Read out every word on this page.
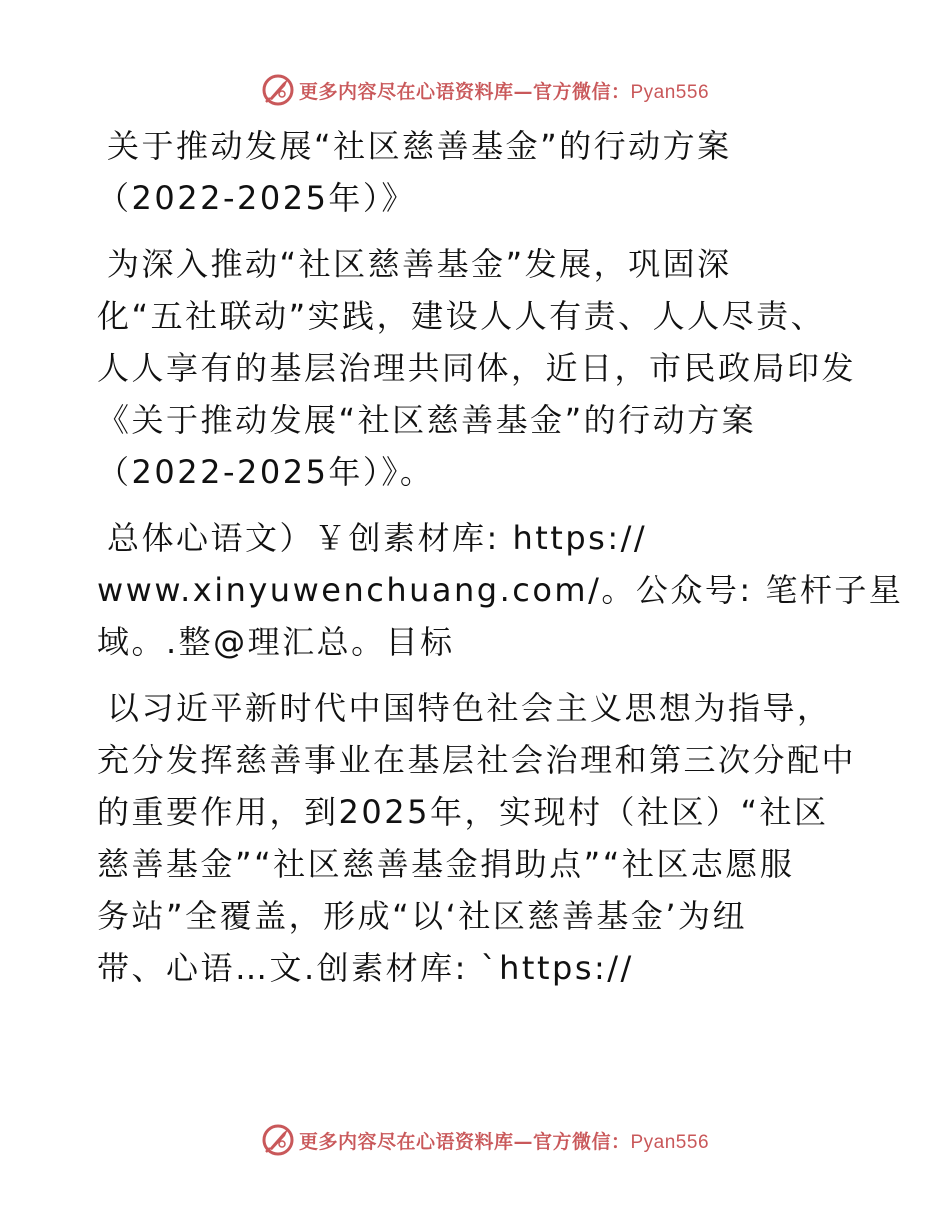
更多内容尽在心语资料库—官方微信：Pyan556
关于推动发展“社区慈善基金”的行动方案
（2022-2025年）》
为深入推动“社区慈善基金”发展，巩固深
化“五社联动”实践，建设人人有责、人人尽责、
人人享有的基层治理共同体，近日，市民政局印发
《关于推动发展“社区慈善基金”的行动方案
（2022-2025年）》。
总体心语文）￥创素材库: https://
www.xinyuwenchuang.com/。公众号: 笔杆子星
域。.整@理汇总。目标
以习近平新时代中国特色社会主义思想为指导，
充分发挥慈善事业在基层社会治理和第三次分配中
的重要作用，到2025年，实现村（社区）“社区
慈善基金”“社区慈善基金捐助点”“社区志愿服
务站”全覆盖，形成“以‘社区慈善基金’为纽
带、心语…文.创素材库: `https://
更多内容尽在心语资料库—官方微信：Pyan556
